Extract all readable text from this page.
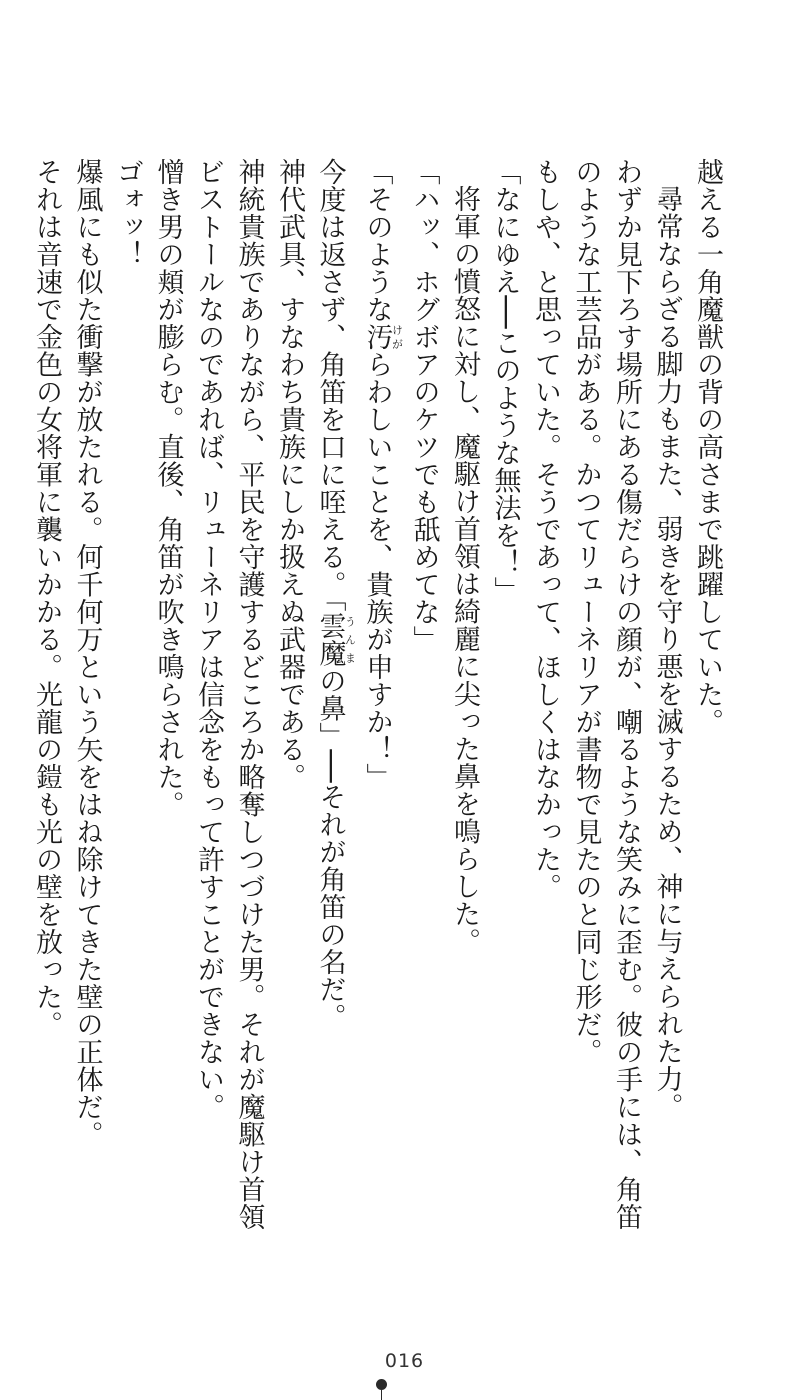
越える一角魔獣の背の高さまで跳躍していた。
尋常ならざる脚力もまた、弱きを守り悪を滅するため、神に与えられた力。
わずか見下ろす場所にある傷だらけの顔が、嘲るような笑みに歪む。彼の手には、角笛
のような工芸品がある。かつてリューネリアが書物で見たのと同じ形だ。
もしや、と思っていた。そうであって、ほしくはなかった。
「なにゆえ──このような無法を！」
将軍の憤怒に対し、魔駆け首領は綺麗に尖った鼻を鳴らした。
「ハッ、ホグボアのケツでも舐めてな」
「そのような汚けがらわしいことを、貴族が申すか！」
今度は返さず、角笛を口に咥える。「雲魔うんまの鼻」──それが角笛の名だ。
神代武具、すなわち貴族にしか扱えぬ武器である。
神統貴族でありながら、平民を守護するどころか略奪しつづけた男。それが魔駆け首領
ビストールなのであれば、リューネリアは信念をもって許すことができない。
憎き男の頬が膨らむ。直後、角笛が吹き鳴らされた。
ゴォッ！
爆風にも似た衝撃が放たれる。何千何万という矢をはね除けてきた壁の正体だ。
それは音速で金色の女将軍に襲いかかる。光龍の鎧も光の壁を放った。
016
